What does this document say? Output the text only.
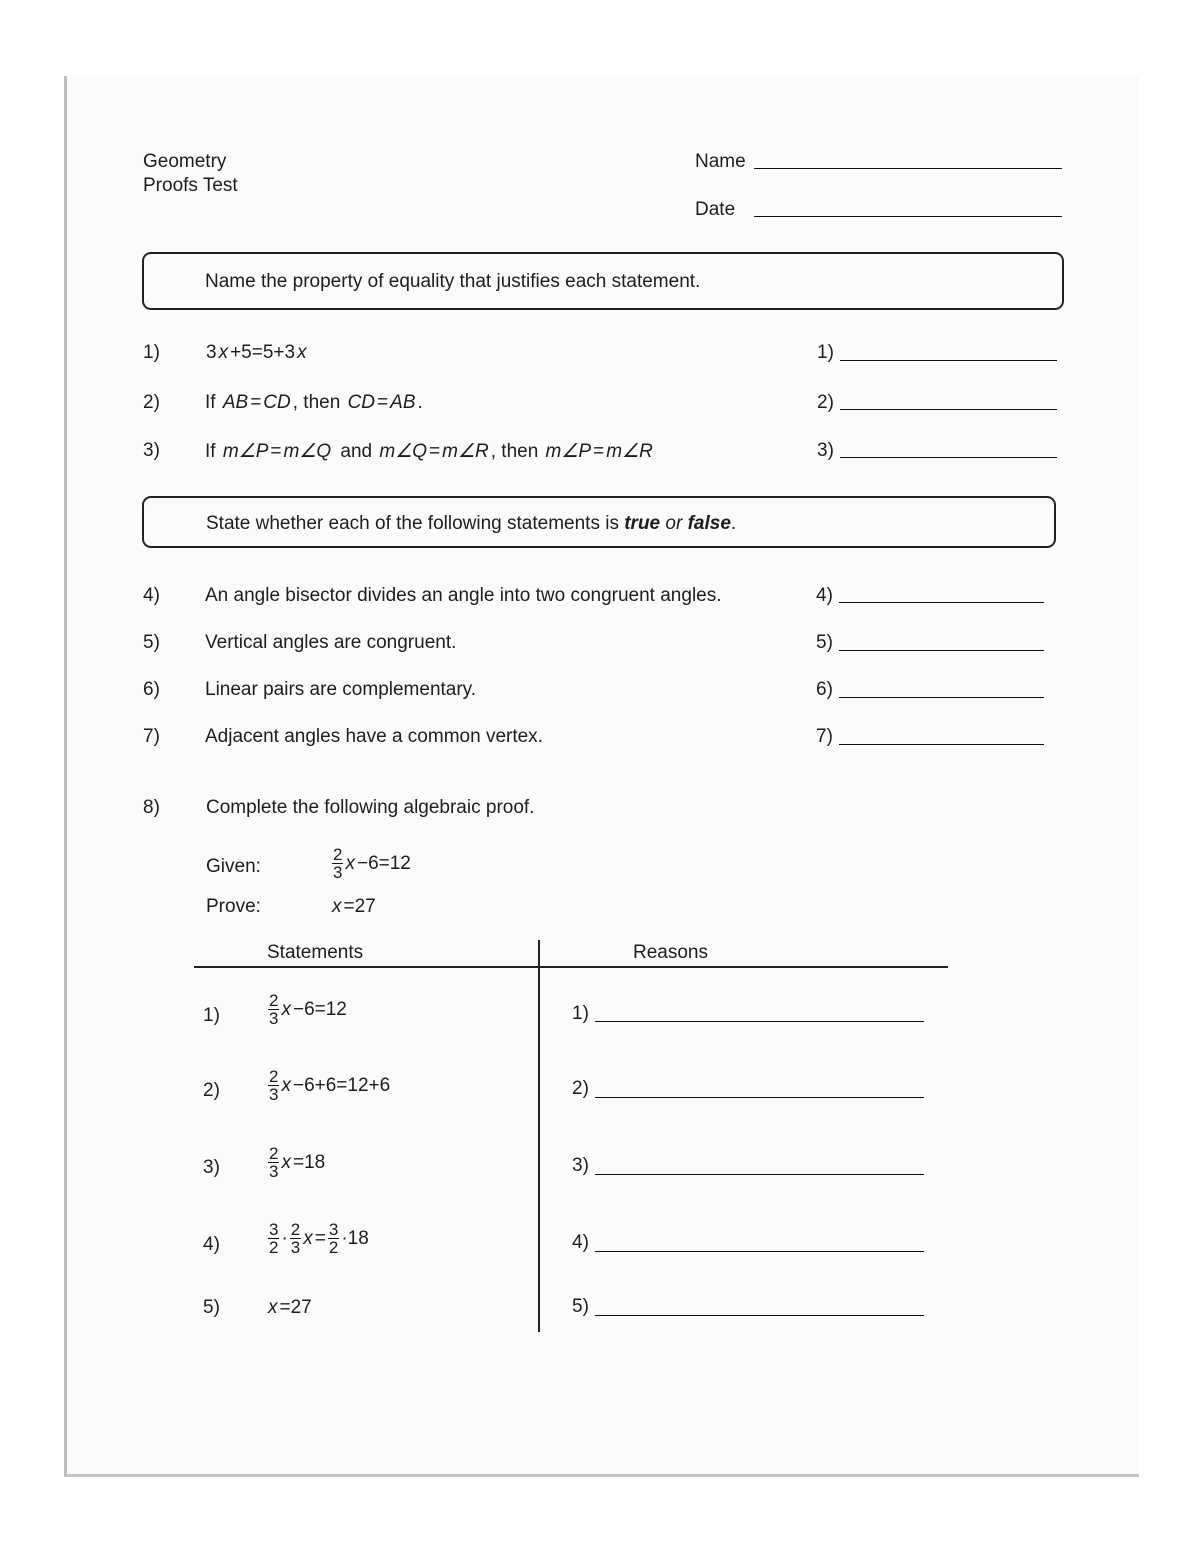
Geometry
Proofs Test
Name
Date
Name the property of equality that justifies each statement.
1) 3 x +5=5+3 x	1)
2) If AB = CD , then CD = AB .	2)
3) If m∠P = m∠Q
and m∠Q = m∠R , then m∠P = m∠R	3)
State whether each of the following statements is true or false.
4) An angle bisector divides an angle into two congruent angles.	4)
5) Vertical angles are congruent.	5)
6) Linear pairs are complementary.	6)
7) Adjacent angles have a common vertex.	7)
8) Complete the following algebraic proof.
Given:	$\frac{2}{3}$ x −6=12
Prove:	x =27
Statements	Reasons
1)	$\frac{2}{3}$ x −6=12	1)
2)	$\frac{2}{3}$ x −6+6=12+6	2)
3)	$\frac{2}{3}$ x =18	3)
4)	$\frac{3}{2} \cdot \frac{2}{3}$ $x = \frac{3}{2} \cdot 18$	4)
5)	x =27	5)
